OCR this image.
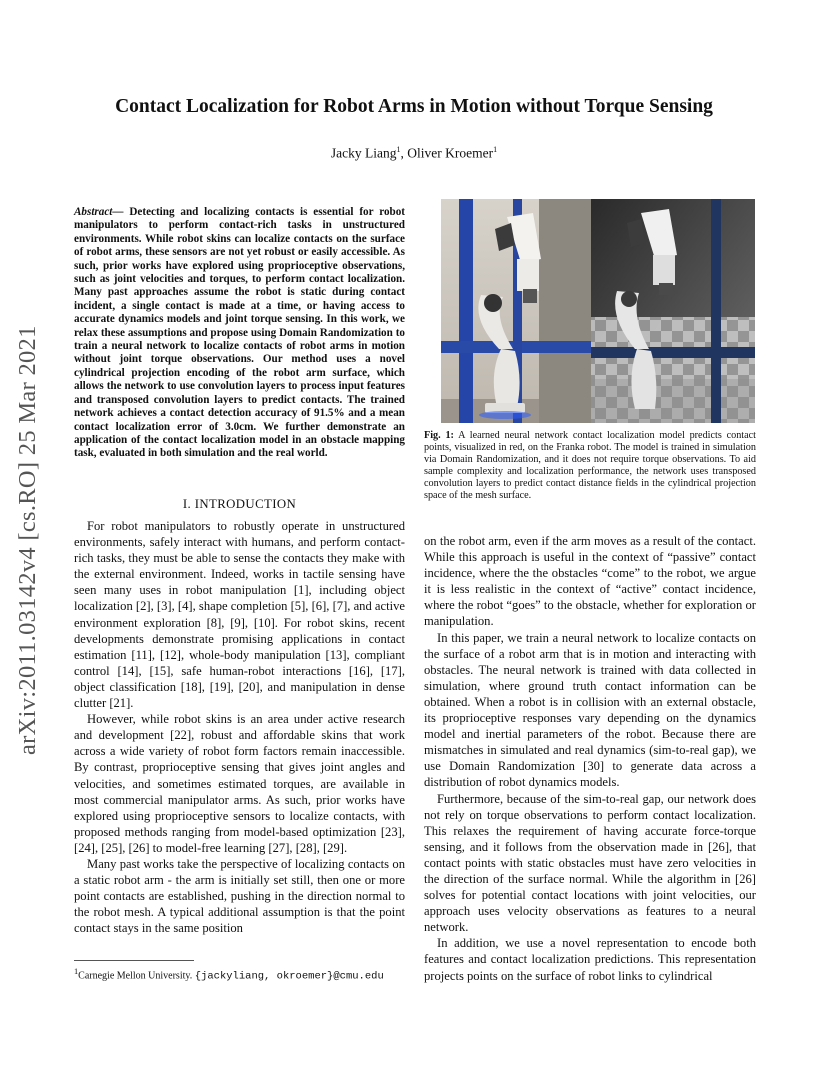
Contact Localization for Robot Arms in Motion without Torque Sensing
Jacky Liang$^1$, Oliver Kroemer$^1$
arXiv:2011.03142v4 [cs.RO] 25 Mar 2021
Abstract— Detecting and localizing contacts is essential for robot manipulators to perform contact-rich tasks in unstructured environments. While robot skins can localize contacts on the surface of robot arms, these sensors are not yet robust or easily accessible. As such, prior works have explored using proprioceptive observations, such as joint velocities and torques, to perform contact localization. Many past approaches assume the robot is static during contact incident, a single contact is made at a time, or having access to accurate dynamics models and joint torque sensing. In this work, we relax these assumptions and propose using Domain Randomization to train a neural network to localize contacts of robot arms in motion without joint torque observations. Our method uses a novel cylindrical projection encoding of the robot arm surface, which allows the network to use convolution layers to process input features and transposed convolution layers to predict contacts. The trained network achieves a contact detection accuracy of 91.5% and a mean contact localization error of 3.0cm. We further demonstrate an application of the contact localization model in an obstacle mapping task, evaluated in both simulation and the real world.
I. INTRODUCTION

For robot manipulators to robustly operate in unstructured environments, safely interact with humans, and perform contact-rich tasks, they must be able to sense the contacts they make with the external environment. Indeed, works in tactile sensing have seen many uses in robot manipulation [1], including object localization [2], [3], [4], shape completion [5], [6], [7], and active environment exploration [8], [9], [10]. For robot skins, recent developments demonstrate promising applications in contact estimation [11], [12], whole-body manipulation [13], compliant control [14], [15], safe human-robot interactions [16], [17], object classification [18], [19], [20], and manipulation in dense clutter [21].

However, while robot skins is an area under active research and development [22], robust and affordable skins that work across a wide variety of robot form factors remain inaccessible. By contrast, proprioceptive sensing that gives joint angles and velocities, and sometimes estimated torques, are available in most commercial manipulator arms. As such, prior works have explored using proprioceptive sensors to localize contacts, with proposed methods ranging from model-based optimization [23], [24], [25], [26] to model-free learning [27], [28], [29].

Many past works take the perspective of localizing contacts on a static robot arm - the arm is initially set still, then one or more point contacts are established, pushing in the direction normal to the robot mesh. A typical additional assumption is that the point contact stays in the same position

$^1$Carnegie Mellon University. {jackyliang, okroemer}@cmu.edu
Fig. 1: A learned neural network contact localization model predicts contact points, visualized in red, on the Franka robot. The model is trained in simulation via Domain Randomization, and it does not require torque observations. To aid sample complexity and localization performance, the network uses transposed convolution layers to predict contact distance fields in the cylindrical projection space of the mesh surface.

on the robot arm, even if the arm moves as a result of the contact. While this approach is useful in the context of “passive” contact incidence, where the the obstacles “come” to the robot, we argue it is less realistic in the context of “active” contact incidence, where the robot “goes” to the obstacle, whether for exploration or manipulation.

In this paper, we train a neural network to localize contacts on the surface of a robot arm that is in motion and interacting with obstacles. The neural network is trained with data collected in simulation, where ground truth contact information can be obtained. When a robot is in collision with an external obstacle, its proprioceptive responses vary depending on the dynamics model and inertial parameters of the robot. Because there are mismatches in simulated and real dynamics (sim-to-real gap), we use Domain Randomization [30] to generate data across a distribution of robot dynamics models.

Furthermore, because of the sim-to-real gap, our network does not rely on torque observations to perform contact localization. This relaxes the requirement of having accurate force-torque sensing, and it follows from the observation made in [26], that contact points with static obstacles must have zero velocities in the direction of the surface normal. While the algorithm in [26] solves for potential contact locations with joint velocities, our approach uses velocity observations as features to a neural network.

In addition, we use a novel representation to encode both features and contact localization predictions. This representation projects points on the surface of robot links to cylindrical
